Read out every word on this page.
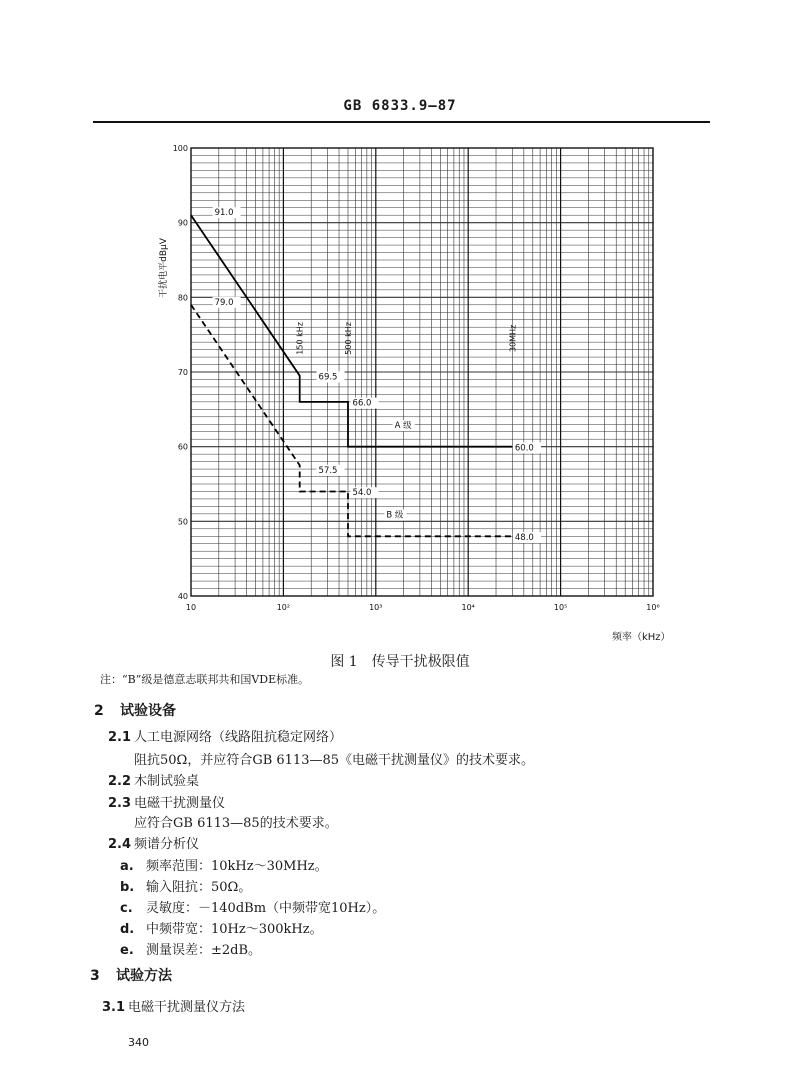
GB 6833.9—87
150 kHz	500 kHz	30MHz
40
50
60
70
80
90
100
10	10²	10³	10⁴	10⁵	10⁶
91.0
79.0
69.5
66.0
A 级
60.0
57.5
54.0
B 级
48.0
干扰电平dBμV
频率（kHz）
图 1　传导干扰极限值
注：“B”级是德意志联邦共和国VDE标准。
2 试验设备
2.1 人工电源网络（线路阻抗稳定网络）
阻抗50Ω，并应符合GB 6113—85《电磁干扰测量仪》的技术要求。
2.2 木制试验桌
2.3 电磁干扰测量仪
应符合GB 6113—85的技术要求。
2.4 频谱分析仪
a. 频率范围：10kHz～30MHz。
b. 输入阻抗：50Ω。
c. 灵敏度：－140dBm（中频带宽10Hz）。
d. 中频带宽：10Hz～300kHz。
e. 测量误差：±2dB。
3 试验方法
3.1 电磁干扰测量仪方法
340
